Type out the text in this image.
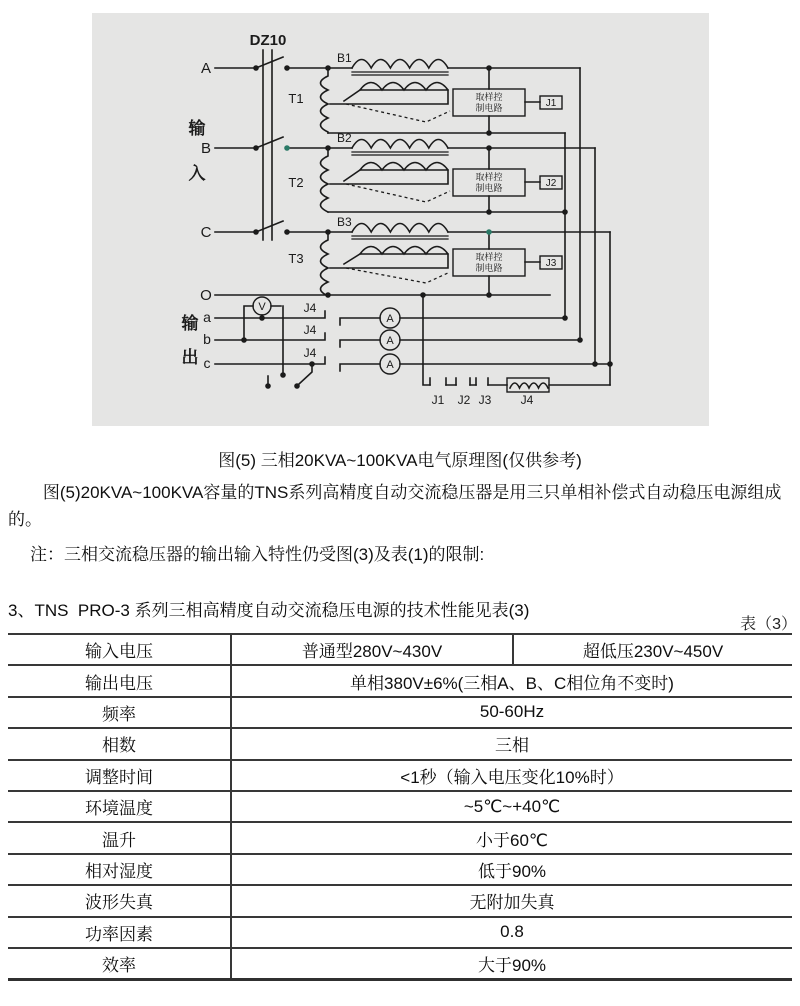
DZ10
A
B
C
O
输
入
输
出
a
b
c
T1
T2
T3
B1
B2
B3
取样控
制电路
取样控
制电路
取样控
制电路
J1
J2
J3
J4
J4
J4
V
A
A
A
J1 J2 J3 J4
图(5) 三相20KVA~100KVA电气原理图(仅供参考)
图(5)20KVA~100KVA容量的TNS系列高精度自动交流稳压器是用三只单相补偿式自动稳压电源组成的。
注：三相交流稳压器的输出输入特性仍受图(3)及表(1)的限制:
3、TNS  PRO-3 系列三相高精度自动交流稳压电源的技术性能见表(3)
表（3）
输入电压	普通型280V~430V	超低压230V~450V
输出电压	单相380V±6%(三相A、B、C相位角不变时)	
频率	50-60Hz	
相数	三相	
调整时间	<1秒（输入电压变化10%时）	
环境温度	~5℃~+40℃	
温升	小于60℃	
相对湿度	低于90%	
波形失真	无附加失真	
功率因素	0.8	
效率	大于90%	
